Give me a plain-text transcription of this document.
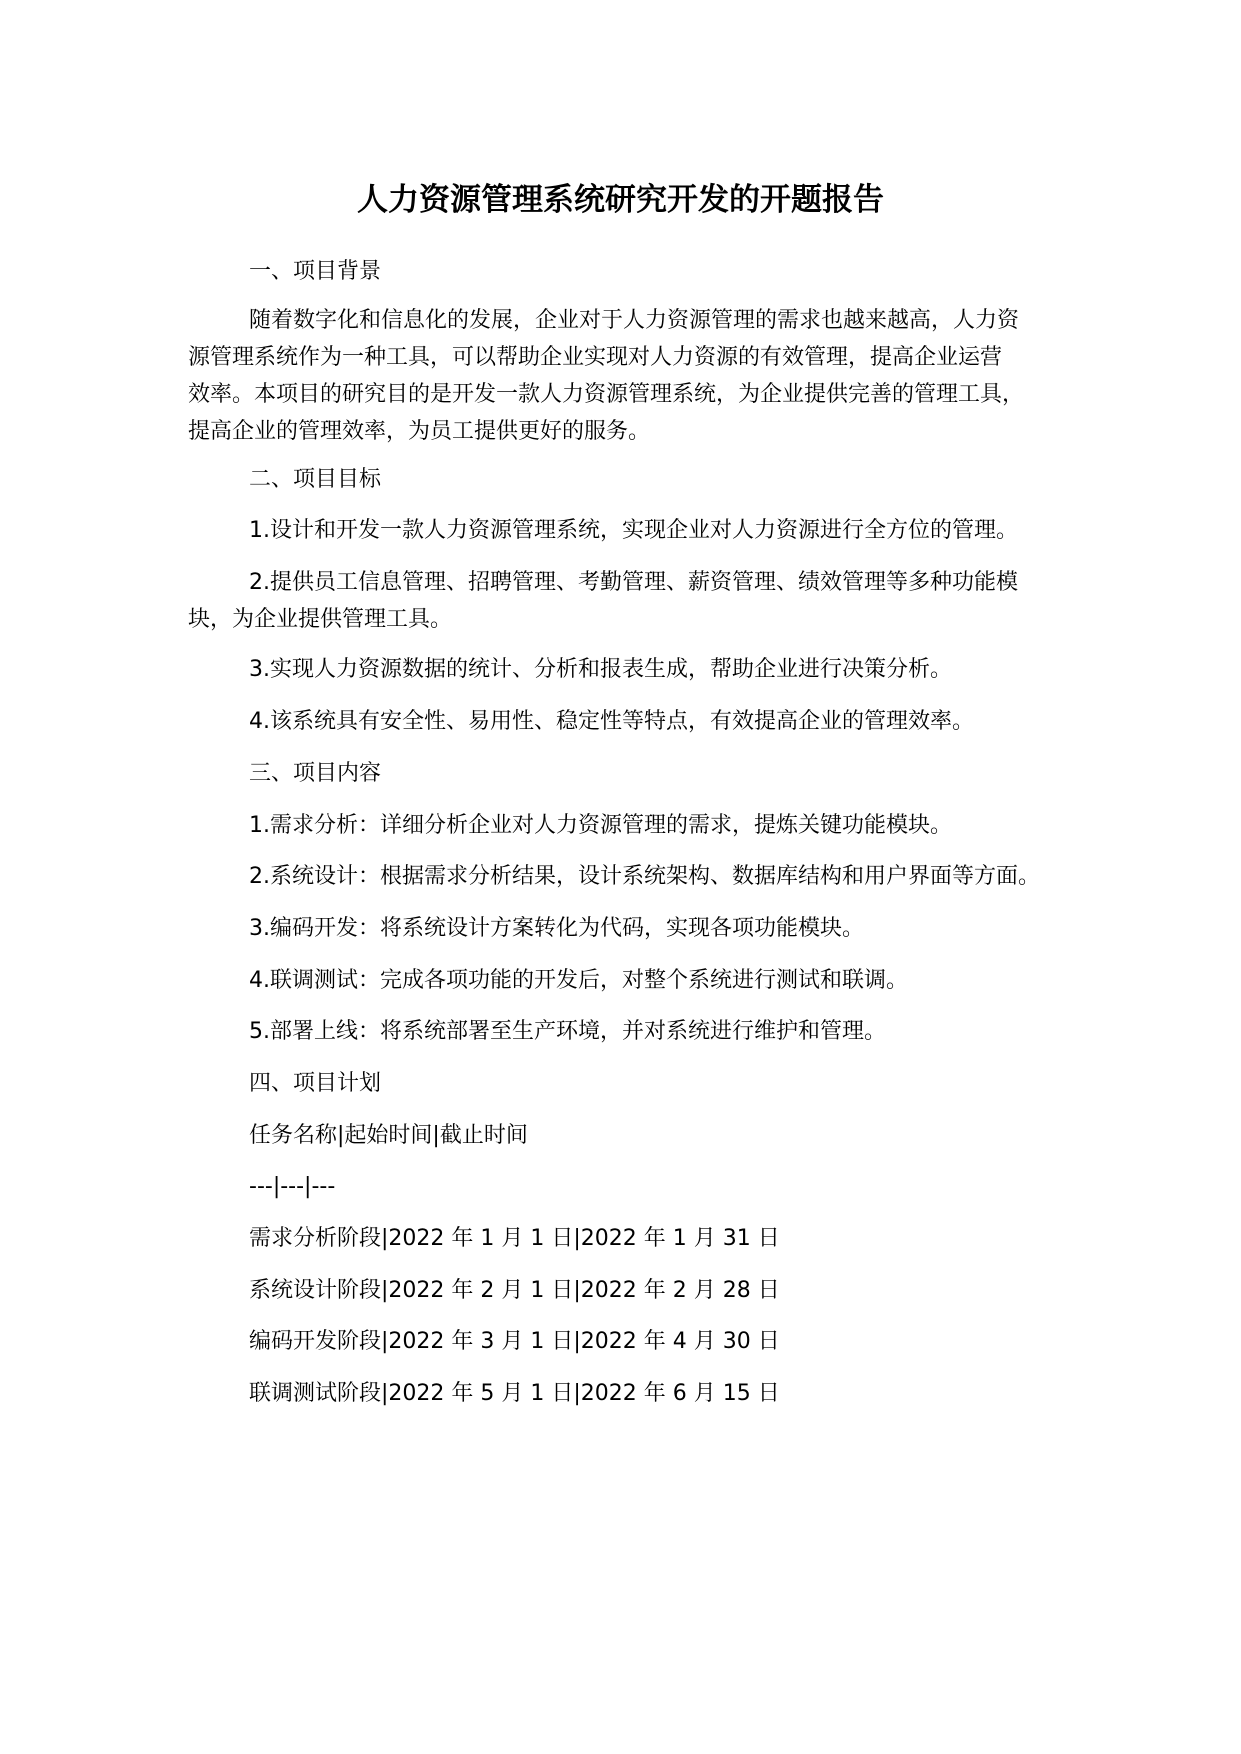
人力资源管理系统研究开发的开题报告

一、项目背景

随着数字化和信息化的发展，企业对于人力资源管理的需求也越来越高，人力资
源管理系统作为一种工具，可以帮助企业实现对人力资源的有效管理，提高企业运营
效率。本项目的研究目的是开发一款人力资源管理系统，为企业提供完善的管理工具，
提高企业的管理效率，为员工提供更好的服务。

二、项目目标

1.设计和开发一款人力资源管理系统，实现企业对人力资源进行全方位的管理。

2.提供员工信息管理、招聘管理、考勤管理、薪资管理、绩效管理等多种功能模
块，为企业提供管理工具。

3.实现人力资源数据的统计、分析和报表生成，帮助企业进行决策分析。

4.该系统具有安全性、易用性、稳定性等特点，有效提高企业的管理效率。

三、项目内容

1.需求分析：详细分析企业对人力资源管理的需求，提炼关键功能模块。

2.系统设计：根据需求分析结果，设计系统架构、数据库结构和用户界面等方面。

3.编码开发：将系统设计方案转化为代码，实现各项功能模块。

4.联调测试：完成各项功能的开发后，对整个系统进行测试和联调。

5.部署上线：将系统部署至生产环境，并对系统进行维护和管理。

四、项目计划

任务名称|起始时间|截止时间

---|---|---

需求分析阶段|2022 年 1 月 1 日|2022 年 1 月 31 日

系统设计阶段|2022 年 2 月 1 日|2022 年 2 月 28 日

编码开发阶段|2022 年 3 月 1 日|2022 年 4 月 30 日

联调测试阶段|2022 年 5 月 1 日|2022 年 6 月 15 日
